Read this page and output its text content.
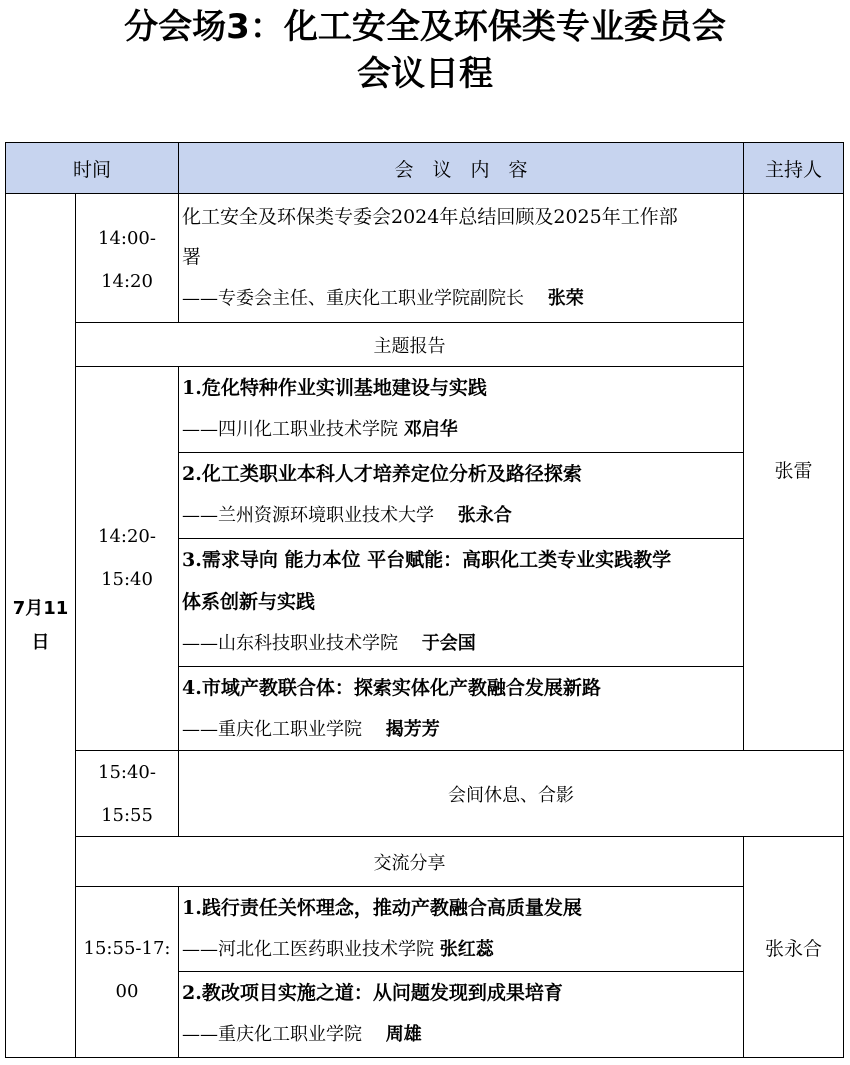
分会场3：化工安全及环保类专业委员会
会议日程
时间	会　议　内　容	主持人
7月11
日
14:00-
14:20
化工安全及环保类专委会2024年总结回顾及2025年工作部
署
——专委会主任、重庆化工职业学院副院长　 张荣
主题报告
14:20-
15:40
1.危化特种作业实训基地建设与实践
——四川化工职业技术学院 邓启华
2.化工类职业本科人才培养定位分析及路径探索
——兰州资源环境职业技术大学　 张永合
3.需求导向 能力本位 平台赋能：高职化工类专业实践教学
体系创新与实践
——山东科技职业技术学院　 于会国
4.市域产教联合体：探索实体化产教融合发展新路
——重庆化工职业学院　 揭芳芳
张雷
15:40-
15:55
会间休息、合影
交流分享
15:55-17:
00
1.践行责任关怀理念，推动产教融合高质量发展
——河北化工医药职业技术学院 张红蕊
2.教改项目实施之道：从问题发现到成果培育
——重庆化工职业学院　 周雄
张永合
